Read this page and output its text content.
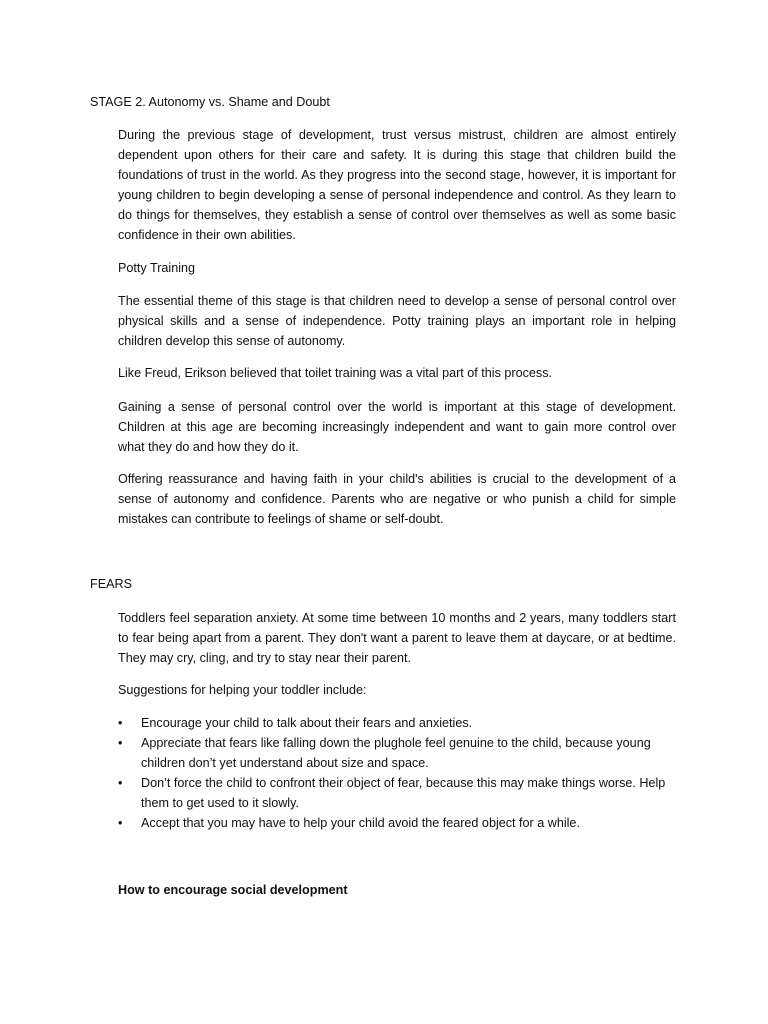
STAGE 2. Autonomy vs. Shame and Doubt

During the previous stage of development, trust versus mistrust, children are almost entirely dependent upon others for their care and safety. It is during this stage that children build the foundations of trust in the world. As they progress into the second stage, however, it is important for young children to begin developing a sense of personal independence and control. As they learn to do things for themselves, they establish a sense of control over themselves as well as some basic confidence in their own abilities.

Potty Training

The essential theme of this stage is that children need to develop a sense of personal control over physical skills and a sense of independence. Potty training plays an important role in helping children develop this sense of autonomy.

Like Freud, Erikson believed that toilet training was a vital part of this process.

Gaining a sense of personal control over the world is important at this stage of development. Children at this age are becoming increasingly independent and want to gain more control over what they do and how they do it.

Offering reassurance and having faith in your child's abilities is crucial to the development of a sense of autonomy and confidence. Parents who are negative or who punish a child for simple mistakes can contribute to feelings of shame or self-doubt.

FEARS

Toddlers feel separation anxiety. At some time between 10 months and 2 years, many toddlers start to fear being apart from a parent. They don't want a parent to leave them at daycare, or at bedtime. They may cry, cling, and try to stay near their parent.

Suggestions for helping your toddler include:

•	Encourage your child to talk about their fears and anxieties.
•	Appreciate that fears like falling down the plughole feel genuine to the child, because young children don’t yet understand about size and space.
•	Don’t force the child to confront their object of fear, because this may make things worse. Help them to get used to it slowly.
•	Accept that you may have to help your child avoid the feared object for a while.
How to encourage social development
